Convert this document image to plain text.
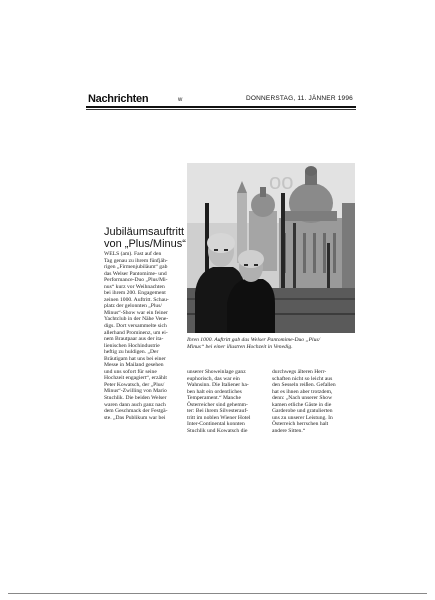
Nachrichten	w	DONNERSTAG, 11. JÄNNER 1996
Jubiläumsauftritt
von „Plus/Minus“
WELS (am). Fast auf den
Tag genau zu ihrem fünfjäh-
rigen „Firmenjubiläum“ gab
das Welser Pantomime- und
Performance-Duo „Plus/Mi-
nus“ kurz vor Weihnachten
bei ihrem 200. Engagement
zeinen 1000. Auftritt. Schau-
platz der gelonnten „Plus/
Minus“-Show war ein feiner
Yachtclub in der Nähe Vene-
digs. Dort versammelte sich
allerhand Prominenz, um ei-
nem Brautpaar aus der ita-
lienischen Hochindustrie
heftig zu huldigen. „Der
Bräutigam hat uns bei einer
Messe in Mailand gesehen
und uns sofort für seine
Hochzeit engagiert“, erzählt
Peter Kowatsch, der „Plus/
Minus“-Zwilling von Mario
Stuchlik. Die beiden Welser
waren dann auch ganz nach
dem Geschmack der Festgä-
ste. „Das Publikum war bei
oo
Ihren 1000. Auftritt gab das Welser Pantomime-Duo „Plus/
Minus“ bei einer illustren Hochzeit in Venedig.
unserer Showeinlage ganz
euphorisch, das war ein
Wahnsinn. Die Italiener ha-
ben halt ein ordentliches
Temperament.“ Manche
Österreicher sind gehemm-
ter: Bei ihrem Silvesterauf-
tritt im noblen Wiener Hotel
Inter-Continental konnten
Stuchlik und Kowatsch die
durchwegs älteren Herr-
schaften nicht so leicht aus
den Sesseln reißen. Gefallen
hat es ihnen aber trotzdem,
denn: „Nach unserer Show
kamen etliche Gäste in die
Garderobe und gratulierten
uns zu unserer Leistung. In
Österreich herrschen halt
andere Sitten.“
